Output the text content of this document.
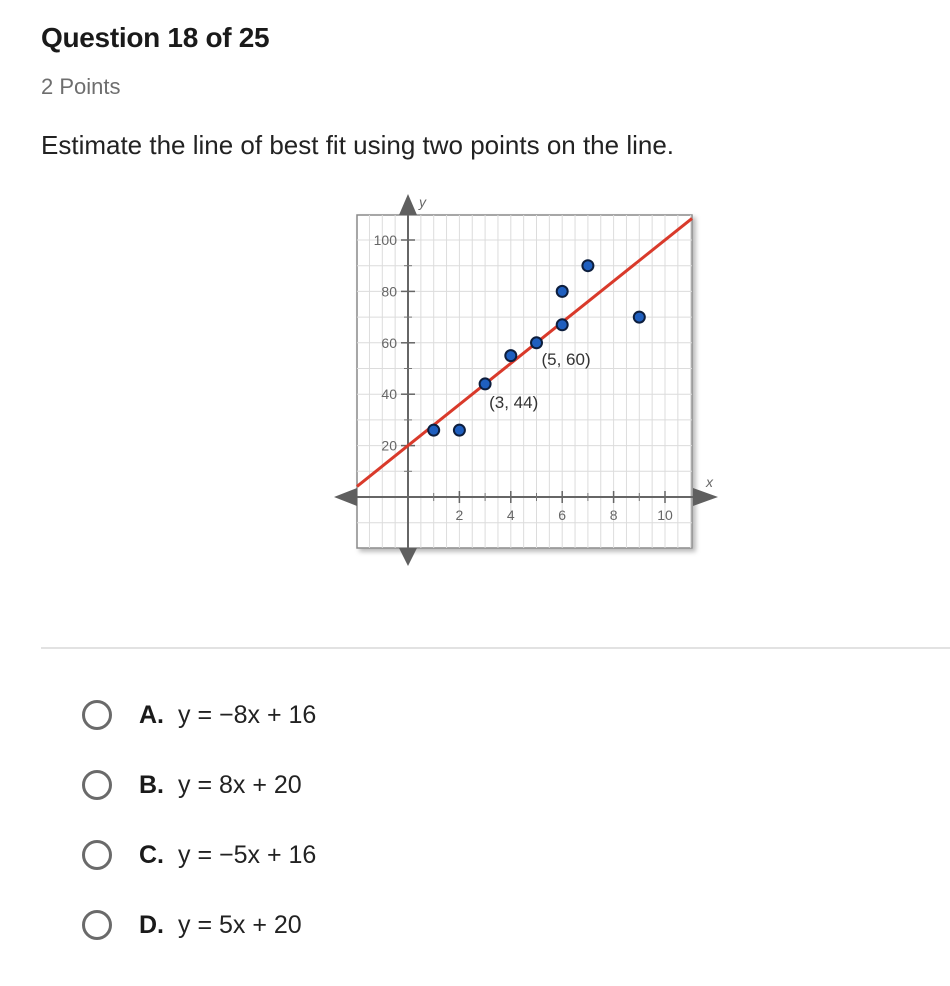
Question 18 of 25
2 Points
Estimate the line of best fit using two points on the line.
x
y
2	4	6	8	10
20
40
60
80
100
(3, 44)
(5, 60)
A. y = −8x + 16
B. y = 8x + 20
C. y = −5x + 16
D. y = 5x + 20
